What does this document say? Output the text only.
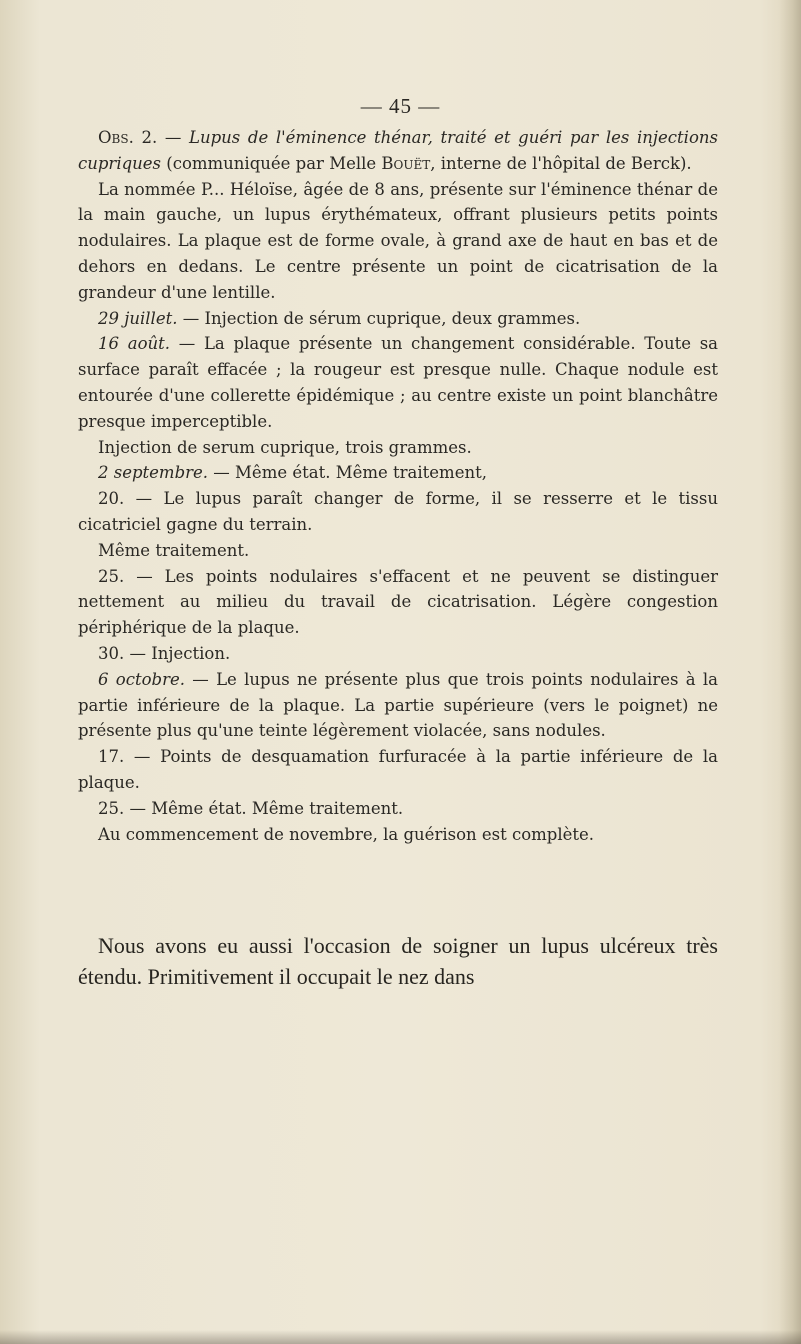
— 45 —

Obs. 2. — Lupus de l'éminence thénar, traité et guéri par les injections cupriques (communiquée par Melle Bouët, interne de l'hôpital de Berck).

La nommée P... Héloïse, âgée de 8 ans, présente sur l'éminence thénar de la main gauche, un lupus érythémateux, offrant plusieurs petits points nodulaires. La plaque est de forme ovale, à grand axe de haut en bas et de dehors en dedans. Le centre présente un point de cicatrisation de la grandeur d'une lentille.

29 juillet. — Injection de sérum cuprique, deux grammes.

16 août. — La plaque présente un changement considérable. Toute sa surface paraît effacée ; la rougeur est presque nulle. Chaque nodule est entourée d'une collerette épidémique ; au centre existe un point blanchâtre presque imperceptible.

Injection de serum cuprique, trois grammes.

2 septembre. — Même état. Même traitement,

20. — Le lupus paraît changer de forme, il se resserre et le tissu cicatriciel gagne du terrain.

Même traitement.

25. — Les points nodulaires s'effacent et ne peuvent se distinguer nettement au milieu du travail de cicatrisation. Légère congestion périphérique de la plaque.

30. — Injection.

6 octobre. — Le lupus ne présente plus que trois points nodulaires à la partie inférieure de la plaque. La partie supérieure (vers le poignet) ne présente plus qu'une teinte légèrement violacée, sans nodules.

17. — Points de desquamation furfuracée à la partie inférieure de la plaque.

25. — Même état. Même traitement.

Au commencement de novembre, la guérison est complète.

Nous avons eu aussi l'occasion de soigner un lupus ulcéreux très étendu. Primitivement il occupait le nez dans
